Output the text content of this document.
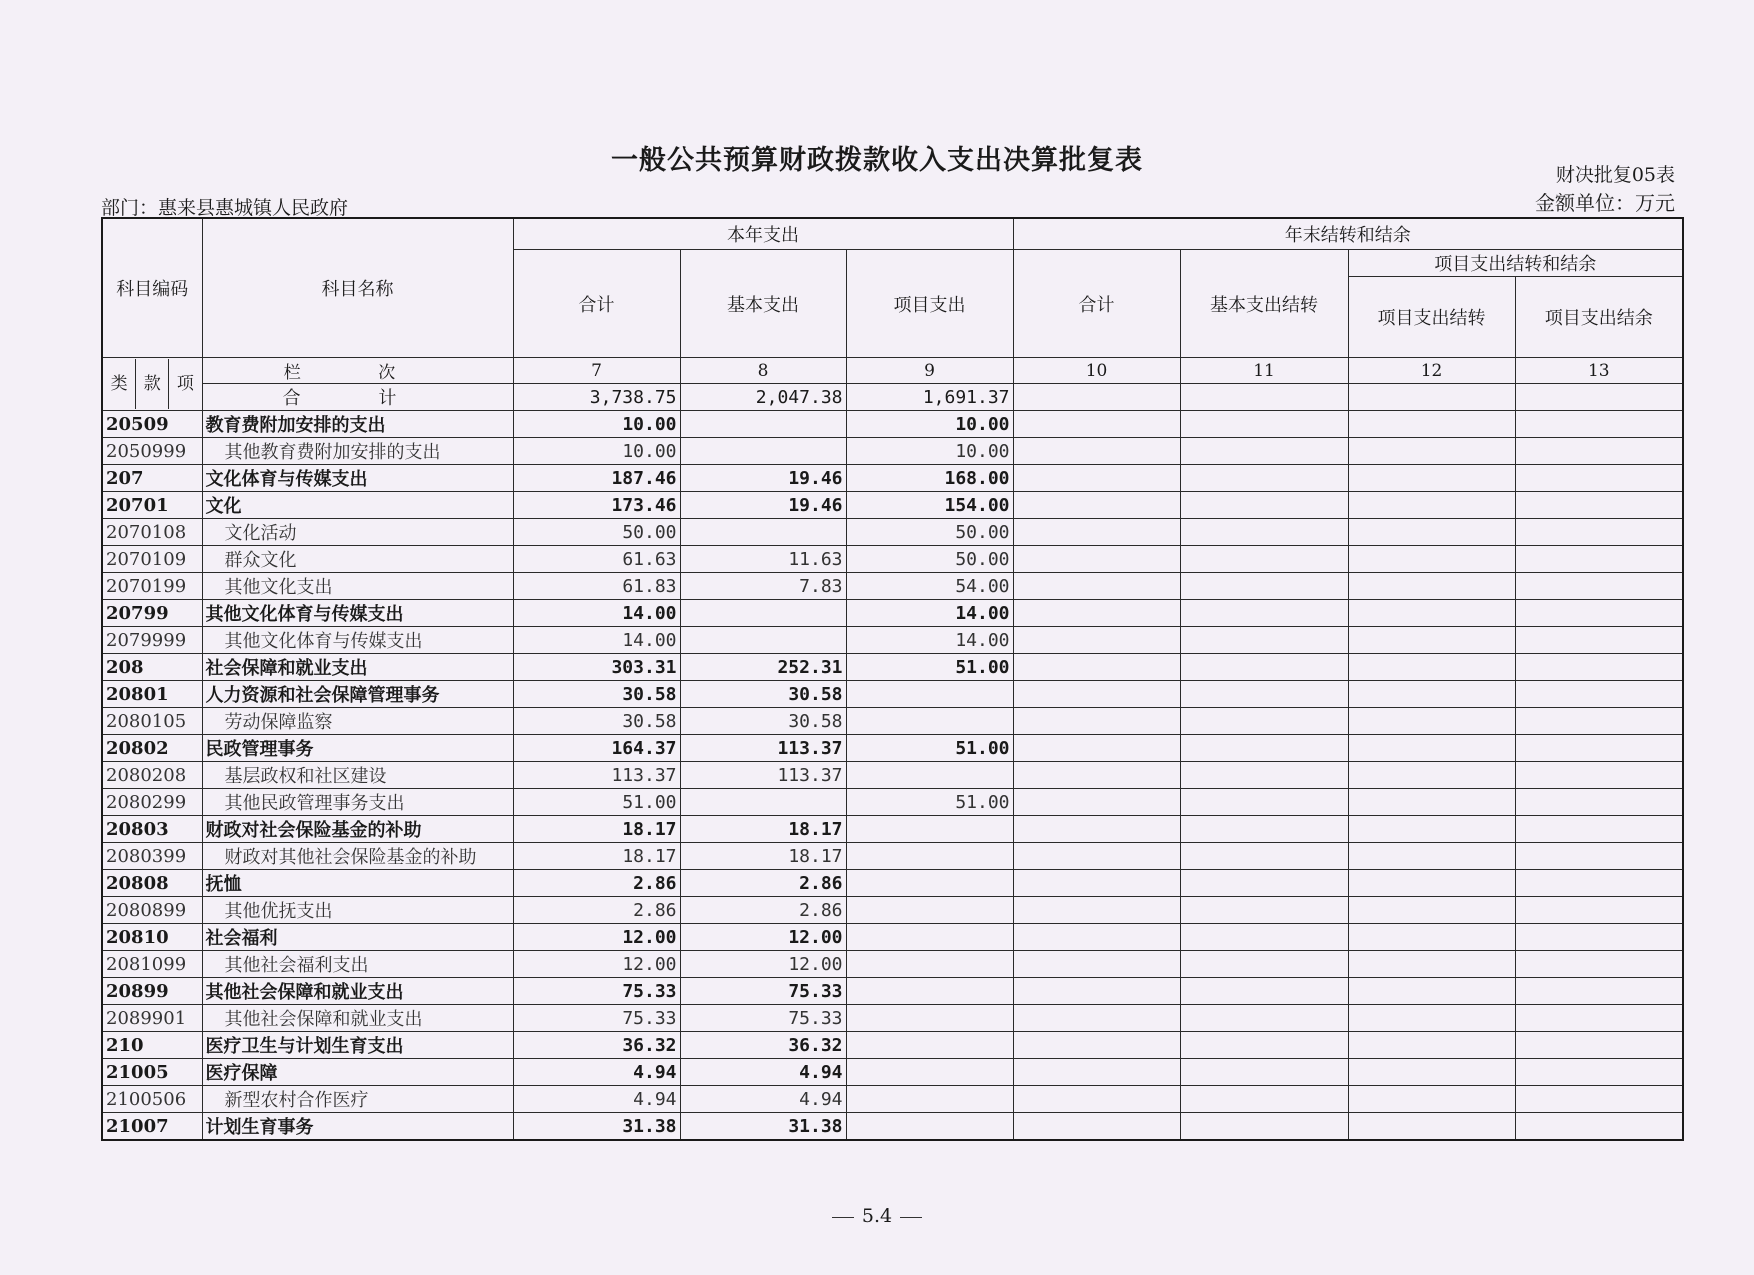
一般公共预算财政拨款收入支出决算批复表	财决批复05表
部门：惠来县惠城镇人民政府	金额单位：万元
科目编码	科目名称	本年支出			年末结转和结余			
		合计	基本支出	项目支出	合计	基本支出结转	项目支出结转和结余	
							项目支出结转	项目支出结余

类 款 项	栏 次	7	8	9	10	11	12	13
	合 计	3,738.75	2,047.38	1,691.37				
20509	教育费附加安排的支出	10.00		10.00				
2050999	其他教育费附加安排的支出	10.00		10.00				
207	文化体育与传媒支出	187.46	19.46	168.00				
20701	文化	173.46	19.46	154.00				
2070108	文化活动	50.00		50.00				
2070109	群众文化	61.63	11.63	50.00				
2070199	其他文化支出	61.83	7.83	54.00				
20799	其他文化体育与传媒支出	14.00		14.00				
2079999	其他文化体育与传媒支出	14.00		14.00				
208	社会保障和就业支出	303.31	252.31	51.00				
20801	人力资源和社会保障管理事务	30.58	30.58					
2080105	劳动保障监察	30.58	30.58					
20802	民政管理事务	164.37	113.37	51.00				
2080208	基层政权和社区建设	113.37	113.37					
2080299	其他民政管理事务支出	51.00		51.00				
20803	财政对社会保险基金的补助	18.17	18.17					
2080399	财政对其他社会保险基金的补助	18.17	18.17					
20808	抚恤	2.86	2.86					
2080899	其他优抚支出	2.86	2.86					
20810	社会福利	12.00	12.00					
2081099	其他社会福利支出	12.00	12.00					
20899	其他社会保障和就业支出	75.33	75.33					
2089901	其他社会保障和就业支出	75.33	75.33					
210	医疗卫生与计划生育支出	36.32	36.32					
21005	医疗保障	4.94	4.94					
2100506	新型农村合作医疗	4.94	4.94					
21007	计划生育事务	31.38	31.38					
5.4
